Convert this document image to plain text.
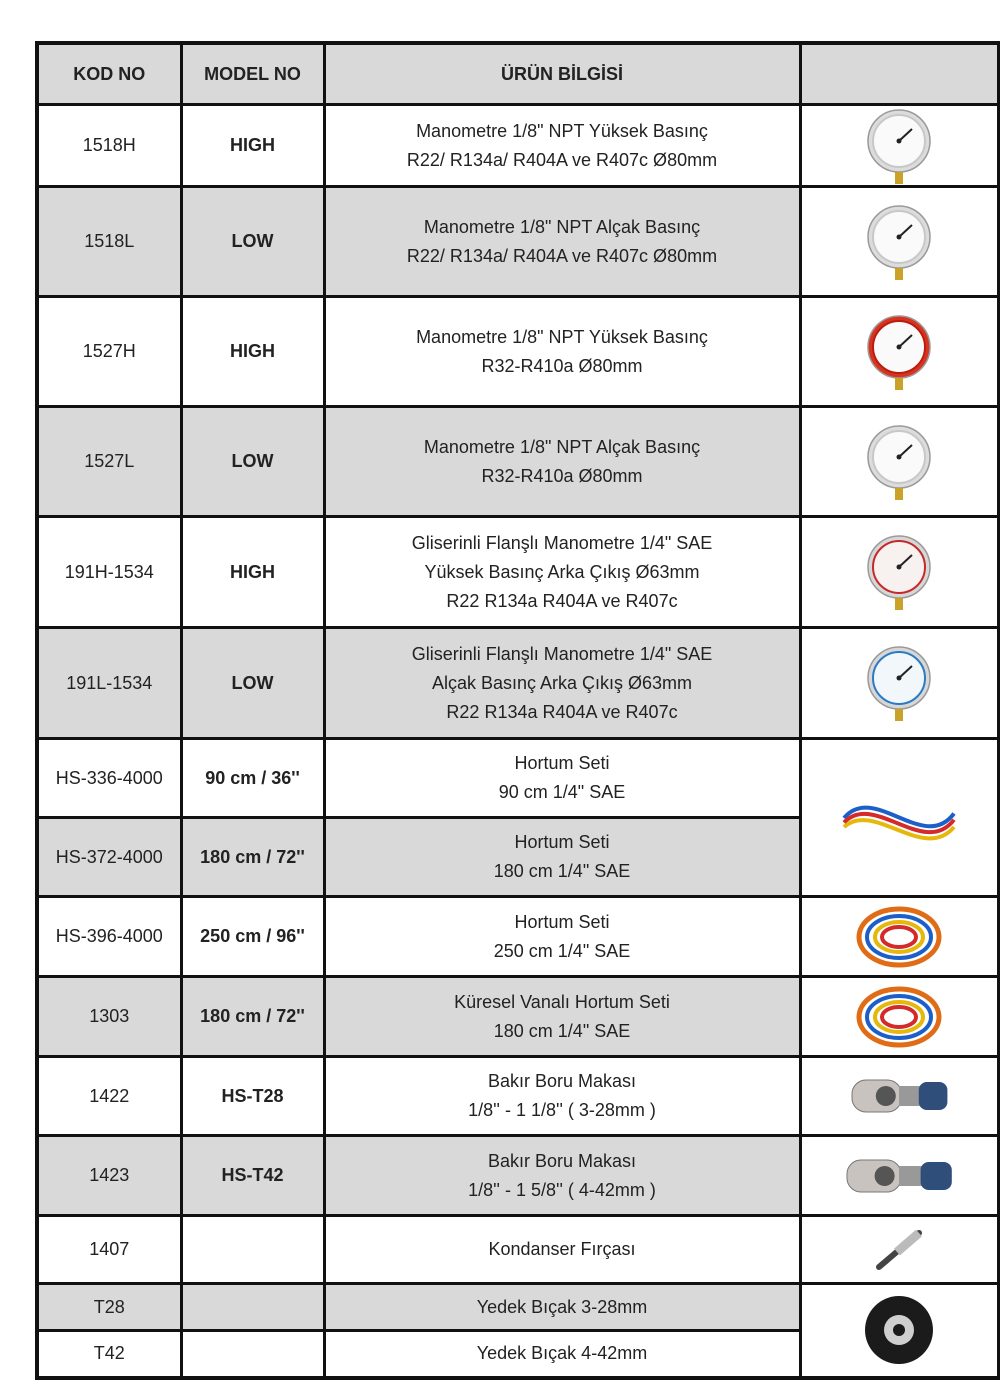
KOD NO	MODEL NO	ÜRÜN BİLGİSİ	
1518H	HIGH	Manometre 1/8" NPT Yüksek Basınç
R22/ R134a/ R404A ve R407c Ø80mm

1518L	LOW	Manometre 1/8" NPT Alçak Basınç
R22/ R134a/ R404A ve R407c Ø80mm

1527H	HIGH	Manometre 1/8" NPT Yüksek Basınç
R32-R410a Ø80mm

1527L	LOW	Manometre 1/8" NPT Alçak Basınç
R32-R410a Ø80mm

191H-1534	HIGH	Gliserinli Flanşlı Manometre 1/4" SAE
Yüksek Basınç Arka Çıkış Ø63mm
R22 R134a R404A ve R407c

191L-1534	LOW	Gliserinli Flanşlı Manometre 1/4" SAE
Alçak Basınç Arka Çıkış Ø63mm
R22 R134a R404A ve R407c

HS-336-4000	90 cm / 36''	Hortum Seti
90 cm 1/4" SAE

HS-372-4000	180 cm / 72''	Hortum Seti
180 cm 1/4" SAE	

HS-396-4000	250 cm / 96''	Hortum Seti
250 cm 1/4" SAE

1303	180 cm / 72''	Küresel Vanalı Hortum Seti
180 cm 1/4" SAE

1422	HS-T28	Bakır Boru Makası
1/8'' - 1 1/8'' ( 3-28mm )

1423	HS-T42	Bakır Boru Makası
1/8'' - 1 5/8'' ( 4-42mm )

1407		Kondanser Fırçası

T28		Yedek Bıçak 3-28mm

T42		Yedek Bıçak 4-42mm	
